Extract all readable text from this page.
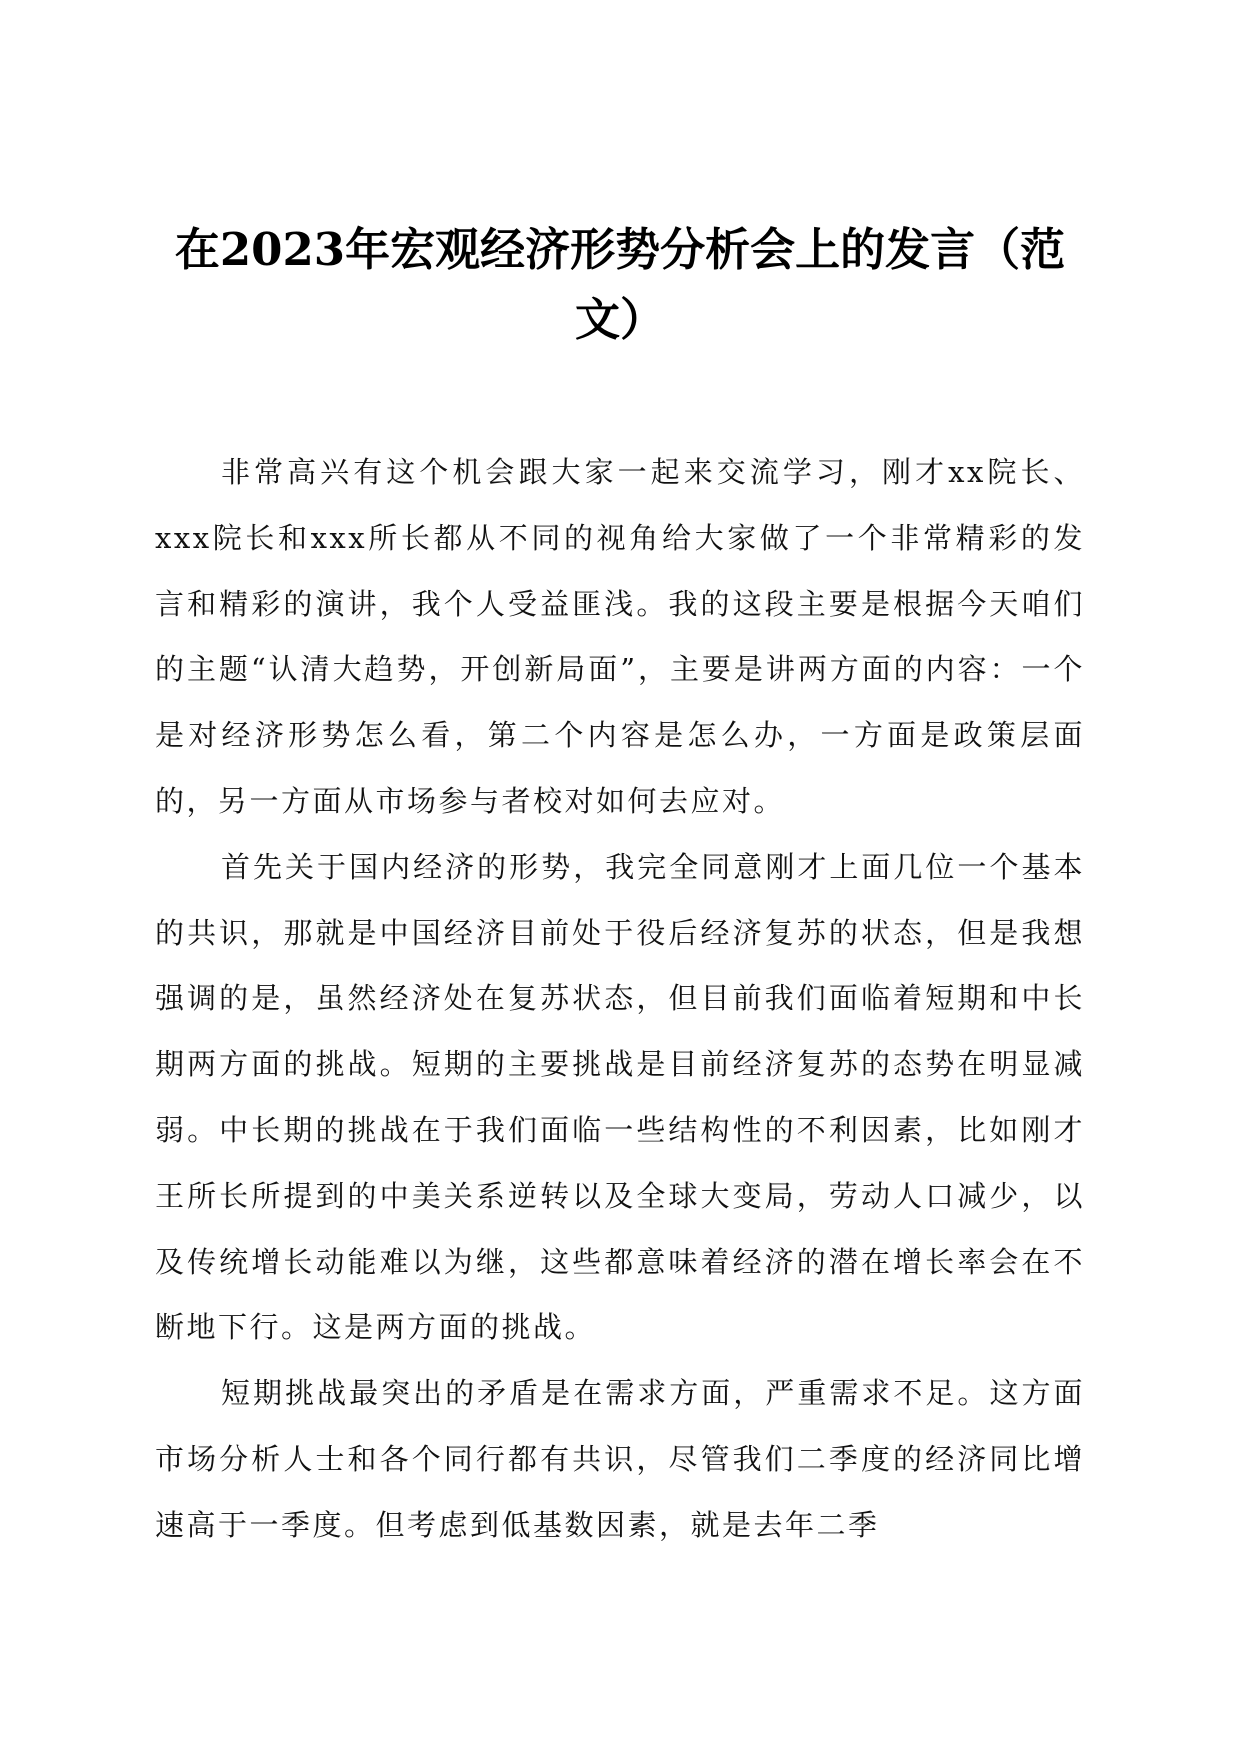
在2023年宏观经济形势分析会上的发言（范文）

非常高兴有这个机会跟大家一起来交流学习，刚才xx院长、xxx院长和xxx所长都从不同的视角给大家做了一个非常精彩的发言和精彩的演讲，我个人受益匪浅。我的这段主要是根据今天咱们的主题“认清大趋势，开创新局面”，主要是讲两方面的内容：一个是对经济形势怎么看，第二个内容是怎么办，一方面是政策层面的，另一方面从市场参与者校对如何去应对。

首先关于国内经济的形势，我完全同意刚才上面几位一个基本的共识，那就是中国经济目前处于役后经济复苏的状态，但是我想强调的是，虽然经济处在复苏状态，但目前我们面临着短期和中长期两方面的挑战。短期的主要挑战是目前经济复苏的态势在明显减弱。中长期的挑战在于我们面临一些结构性的不利因素，比如刚才王所长所提到的中美关系逆转以及全球大变局，劳动人口减少，以及传统增长动能难以为继，这些都意味着经济的潜在增长率会在不断地下行。这是两方面的挑战。

短期挑战最突出的矛盾是在需求方面，严重需求不足。这方面市场分析人士和各个同行都有共识，尽管我们二季度的经济同比增速高于一季度。但考虑到低基数因素，就是去年二季
